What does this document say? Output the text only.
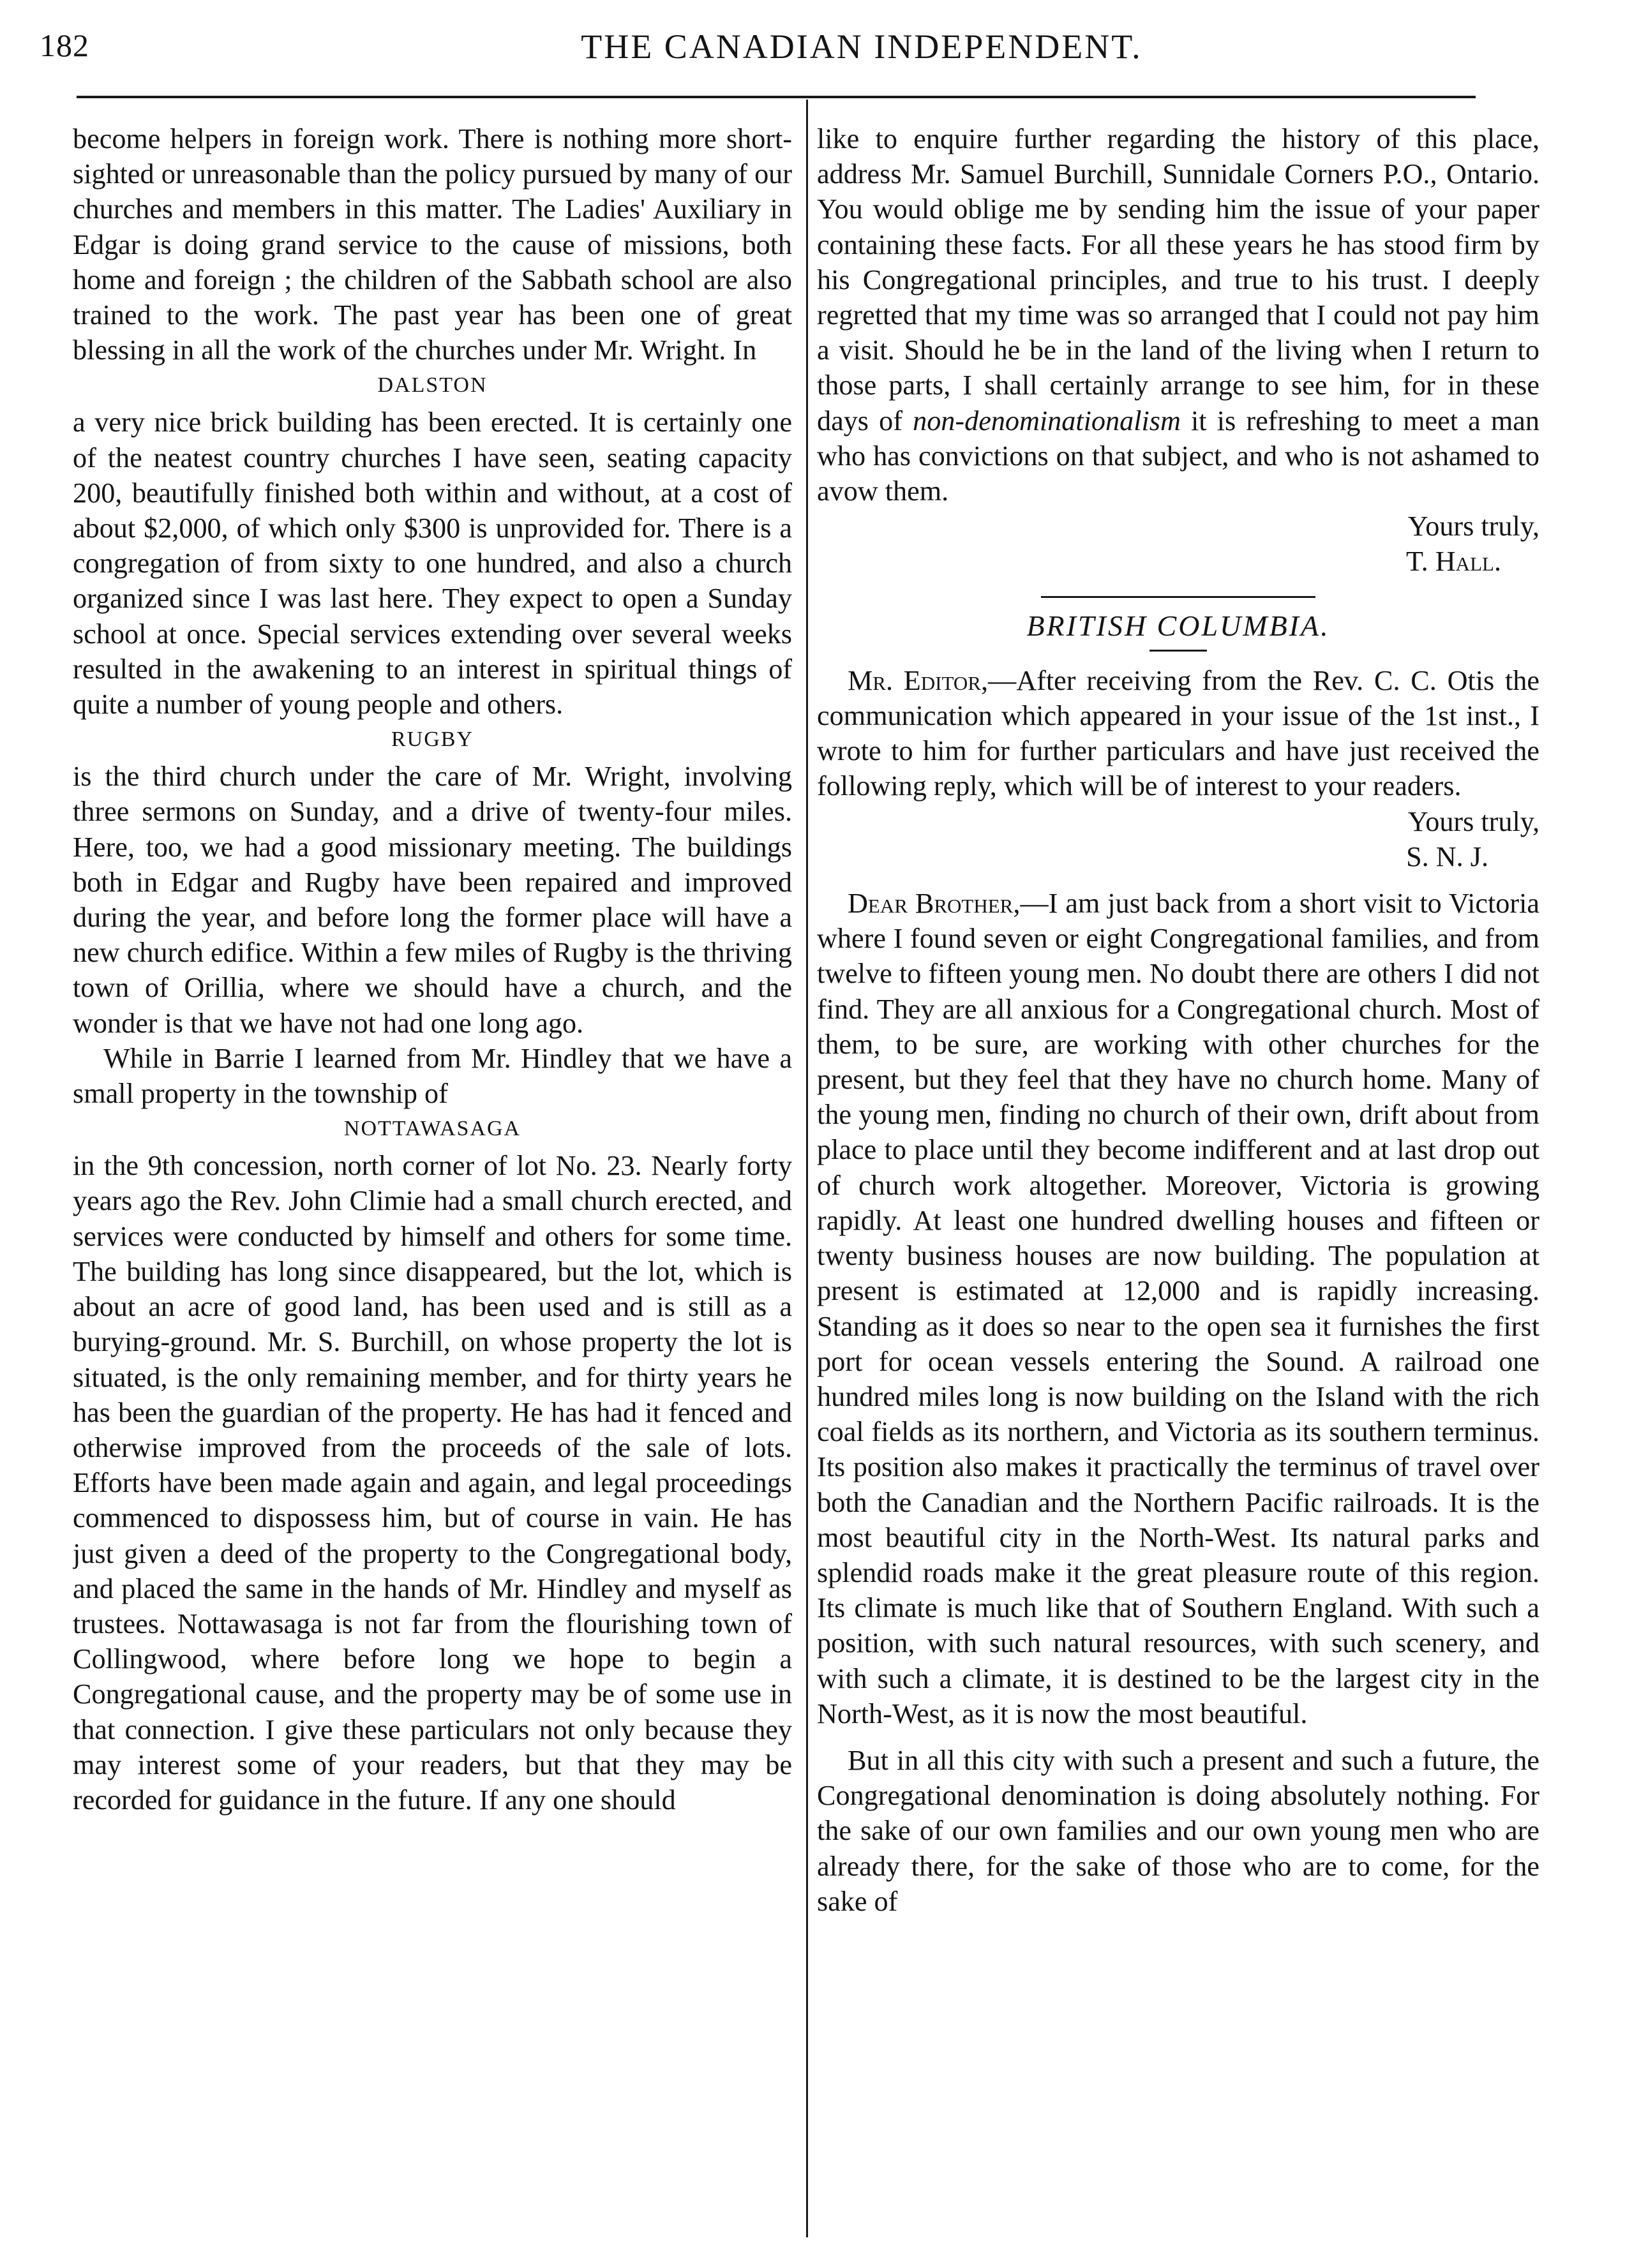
182	THE CANADIAN INDEPENDENT.

become helpers in foreign work. There is nothing more short-sighted or unreasonable than the policy pursued by many of our churches and members in this matter. The Ladies' Auxiliary in Edgar is doing grand service to the cause of missions, both home and foreign ; the children of the Sabbath school are also trained to the work. The past year has been one of great blessing in all the work of the churches under Mr. Wright. In

DALSTON

a very nice brick building has been erected. It is certainly one of the neatest country churches I have seen, seating capacity 200, beautifully finished both within and without, at a cost of about $2,000, of which only $300 is unprovided for. There is a congregation of from sixty to one hundred, and also a church organized since I was last here. They expect to open a Sunday school at once. Special services extending over several weeks resulted in the awakening to an interest in spiritual things of quite a number of young people and others.

RUGBY

is the third church under the care of Mr. Wright, involving three sermons on Sunday, and a drive of twenty-four miles. Here, too, we had a good missionary meeting. The buildings both in Edgar and Rugby have been repaired and improved during the year, and before long the former place will have a new church edifice. Within a few miles of Rugby is the thriving town of Orillia, where we should have a church, and the wonder is that we have not had one long ago.

While in Barrie I learned from Mr. Hindley that we have a small property in the township of

NOTTAWASAGA

in the 9th concession, north corner of lot No. 23. Nearly forty years ago the Rev. John Climie had a small church erected, and services were conducted by himself and others for some time. The building has long since disappeared, but the lot, which is about an acre of good land, has been used and is still as a burying-ground. Mr. S. Burchill, on whose property the lot is situated, is the only remaining member, and for thirty years he has been the guardian of the property. He has had it fenced and otherwise improved from the proceeds of the sale of lots. Efforts have been made again and again, and legal proceedings commenced to dispossess him, but of course in vain. He has just given a deed of the property to the Congregational body, and placed the same in the hands of Mr. Hindley and myself as trustees. Nottawasaga is not far from the flourishing town of Collingwood, where before long we hope to begin a Congregational cause, and the property may be of some use in that connection. I give these particulars not only because they may interest some of your readers, but that they may be recorded for guidance in the future. If any one should

like to enquire further regarding the history of this place, address Mr. Samuel Burchill, Sunnidale Corners P.O., Ontario. You would oblige me by sending him the issue of your paper containing these facts. For all these years he has stood firm by his Congregational principles, and true to his trust. I deeply regretted that my time was so arranged that I could not pay him a visit. Should he be in the land of the living when I return to those parts, I shall certainly arrange to see him, for in these days of non-denominationalism it is refreshing to meet a man who has convictions on that subject, and who is not ashamed to avow them.

Yours truly,

T. Hall.

BRITISH COLUMBIA.

Mr. Editor,—After receiving from the Rev. C. C. Otis the communication which appeared in your issue of the 1st inst., I wrote to him for further particulars and have just received the following reply, which will be of interest to your readers.

Yours truly,

S. N. J.

Dear Brother,—I am just back from a short visit to Victoria where I found seven or eight Congregational families, and from twelve to fifteen young men. No doubt there are others I did not find. They are all anxious for a Congregational church. Most of them, to be sure, are working with other churches for the present, but they feel that they have no church home. Many of the young men, finding no church of their own, drift about from place to place until they become indifferent and at last drop out of church work altogether. Moreover, Victoria is growing rapidly. At least one hundred dwelling houses and fifteen or twenty business houses are now building. The population at present is estimated at 12,000 and is rapidly increasing. Standing as it does so near to the open sea it furnishes the first port for ocean vessels entering the Sound. A railroad one hundred miles long is now building on the Island with the rich coal fields as its northern, and Victoria as its southern terminus. Its position also makes it practically the terminus of travel over both the Canadian and the Northern Pacific railroads. It is the most beautiful city in the North-West. Its natural parks and splendid roads make it the great pleasure route of this region. Its climate is much like that of Southern England. With such a position, with such natural resources, with such scenery, and with such a climate, it is destined to be the largest city in the North-West, as it is now the most beautiful.

But in all this city with such a present and such a future, the Congregational denomination is doing absolutely nothing. For the sake of our own families and our own young men who are already there, for the sake of those who are to come, for the sake of
